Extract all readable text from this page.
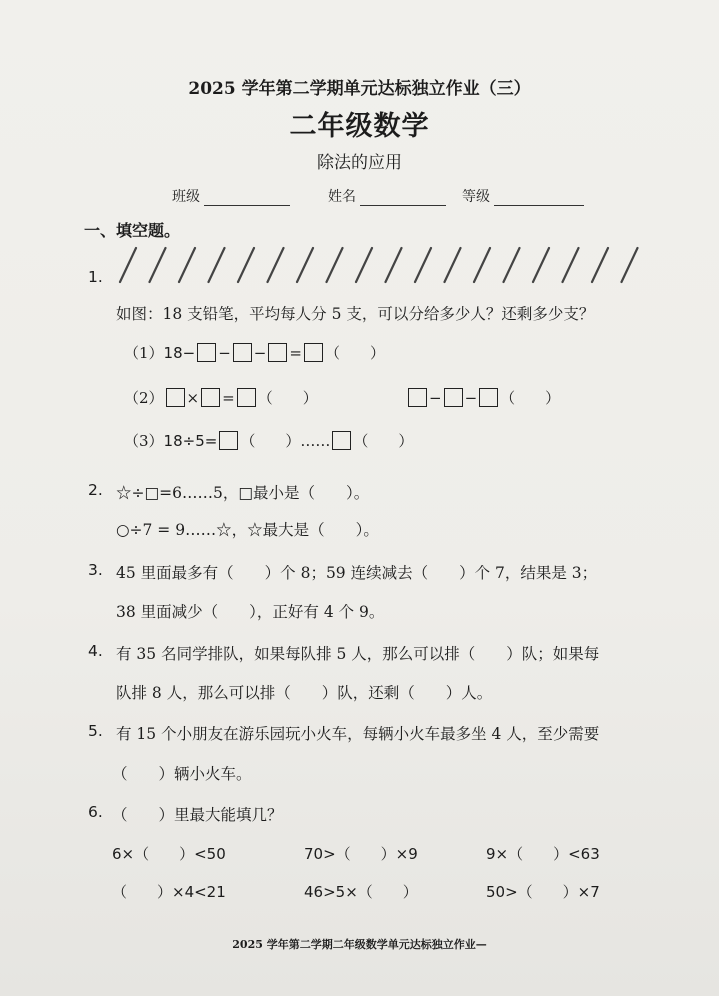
2025 学年第二学期单元达标独立作业（三）
二年级数学
除法的应用
班级	姓名	等级
一、填空题。
1.
如图：18 支铅笔，平均每人分 5 支，可以分给多少人？还剩多少支？
（1）18− − − = （　　）
（2） × = （　　）	− − （　　）
（3）18÷5= （　　）…… （　　）
2. ☆÷□=6……5，□最小是（　　）。
○÷7 = 9……☆，☆最大是（　　）。
3. 45 里面最多有（　　）个 8；59 连续减去（　　）个 7，结果是 3；
38 里面减少（　　），正好有 4 个 9。
4. 有 35 名同学排队，如果每队排 5 人，那么可以排（　　）队；如果每
队排 8 人，那么可以排（　　）队，还剩（　　）人。
5. 有 15 个小朋友在游乐园玩小火车，每辆小火车最多坐 4 人，至少需要
（　　）辆小火车。
6. （　　）里最大能填几？
6×（　　）<50	70>（　　）×9	9×（　　）<63
（　　）×4<21	46>5×（　　）	50>（　　）×7
2025 学年第二学期二年级数学单元达标独立作业—
